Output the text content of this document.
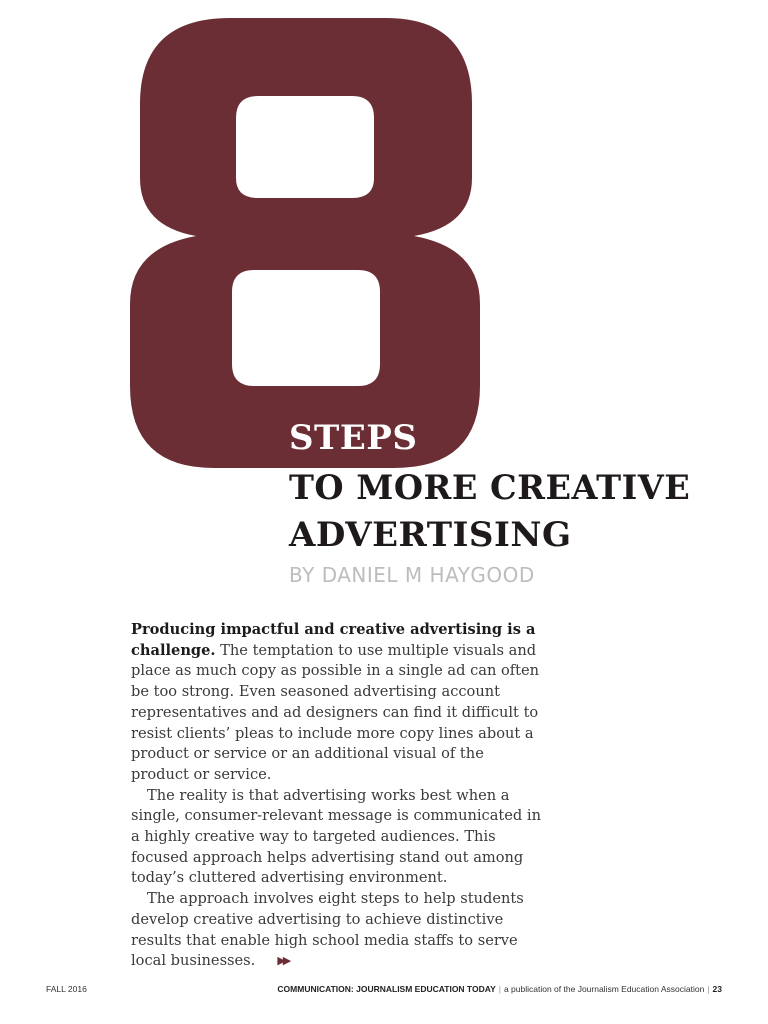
STEPS
TO MORE CREATIVE
ADVERTISING
BY DANIEL M HAYGOOD

Producing impactful and creative advertising is a challenge. The temptation to use multiple visuals and place as much copy as possible in a single ad can often be too strong. Even seasoned advertising account representatives and ad designers can find it difficult to resist clients’ pleas to include more copy lines about a product or service or an additional visual of the product or service.

The reality is that advertising works best when a single, consumer-relevant message is communicated in a highly creative way to targeted audiences. This focused approach helps advertising stand out among today’s cluttered advertising environment.

The approach involves eight steps to help students develop creative advertising to achieve distinctive results that enable high school media staffs to serve local businesses. ▶▶

FALL 2016	COMMUNICATION: JOURNALISM EDUCATION TODAY | a publication of the Journalism Education Association | 23
